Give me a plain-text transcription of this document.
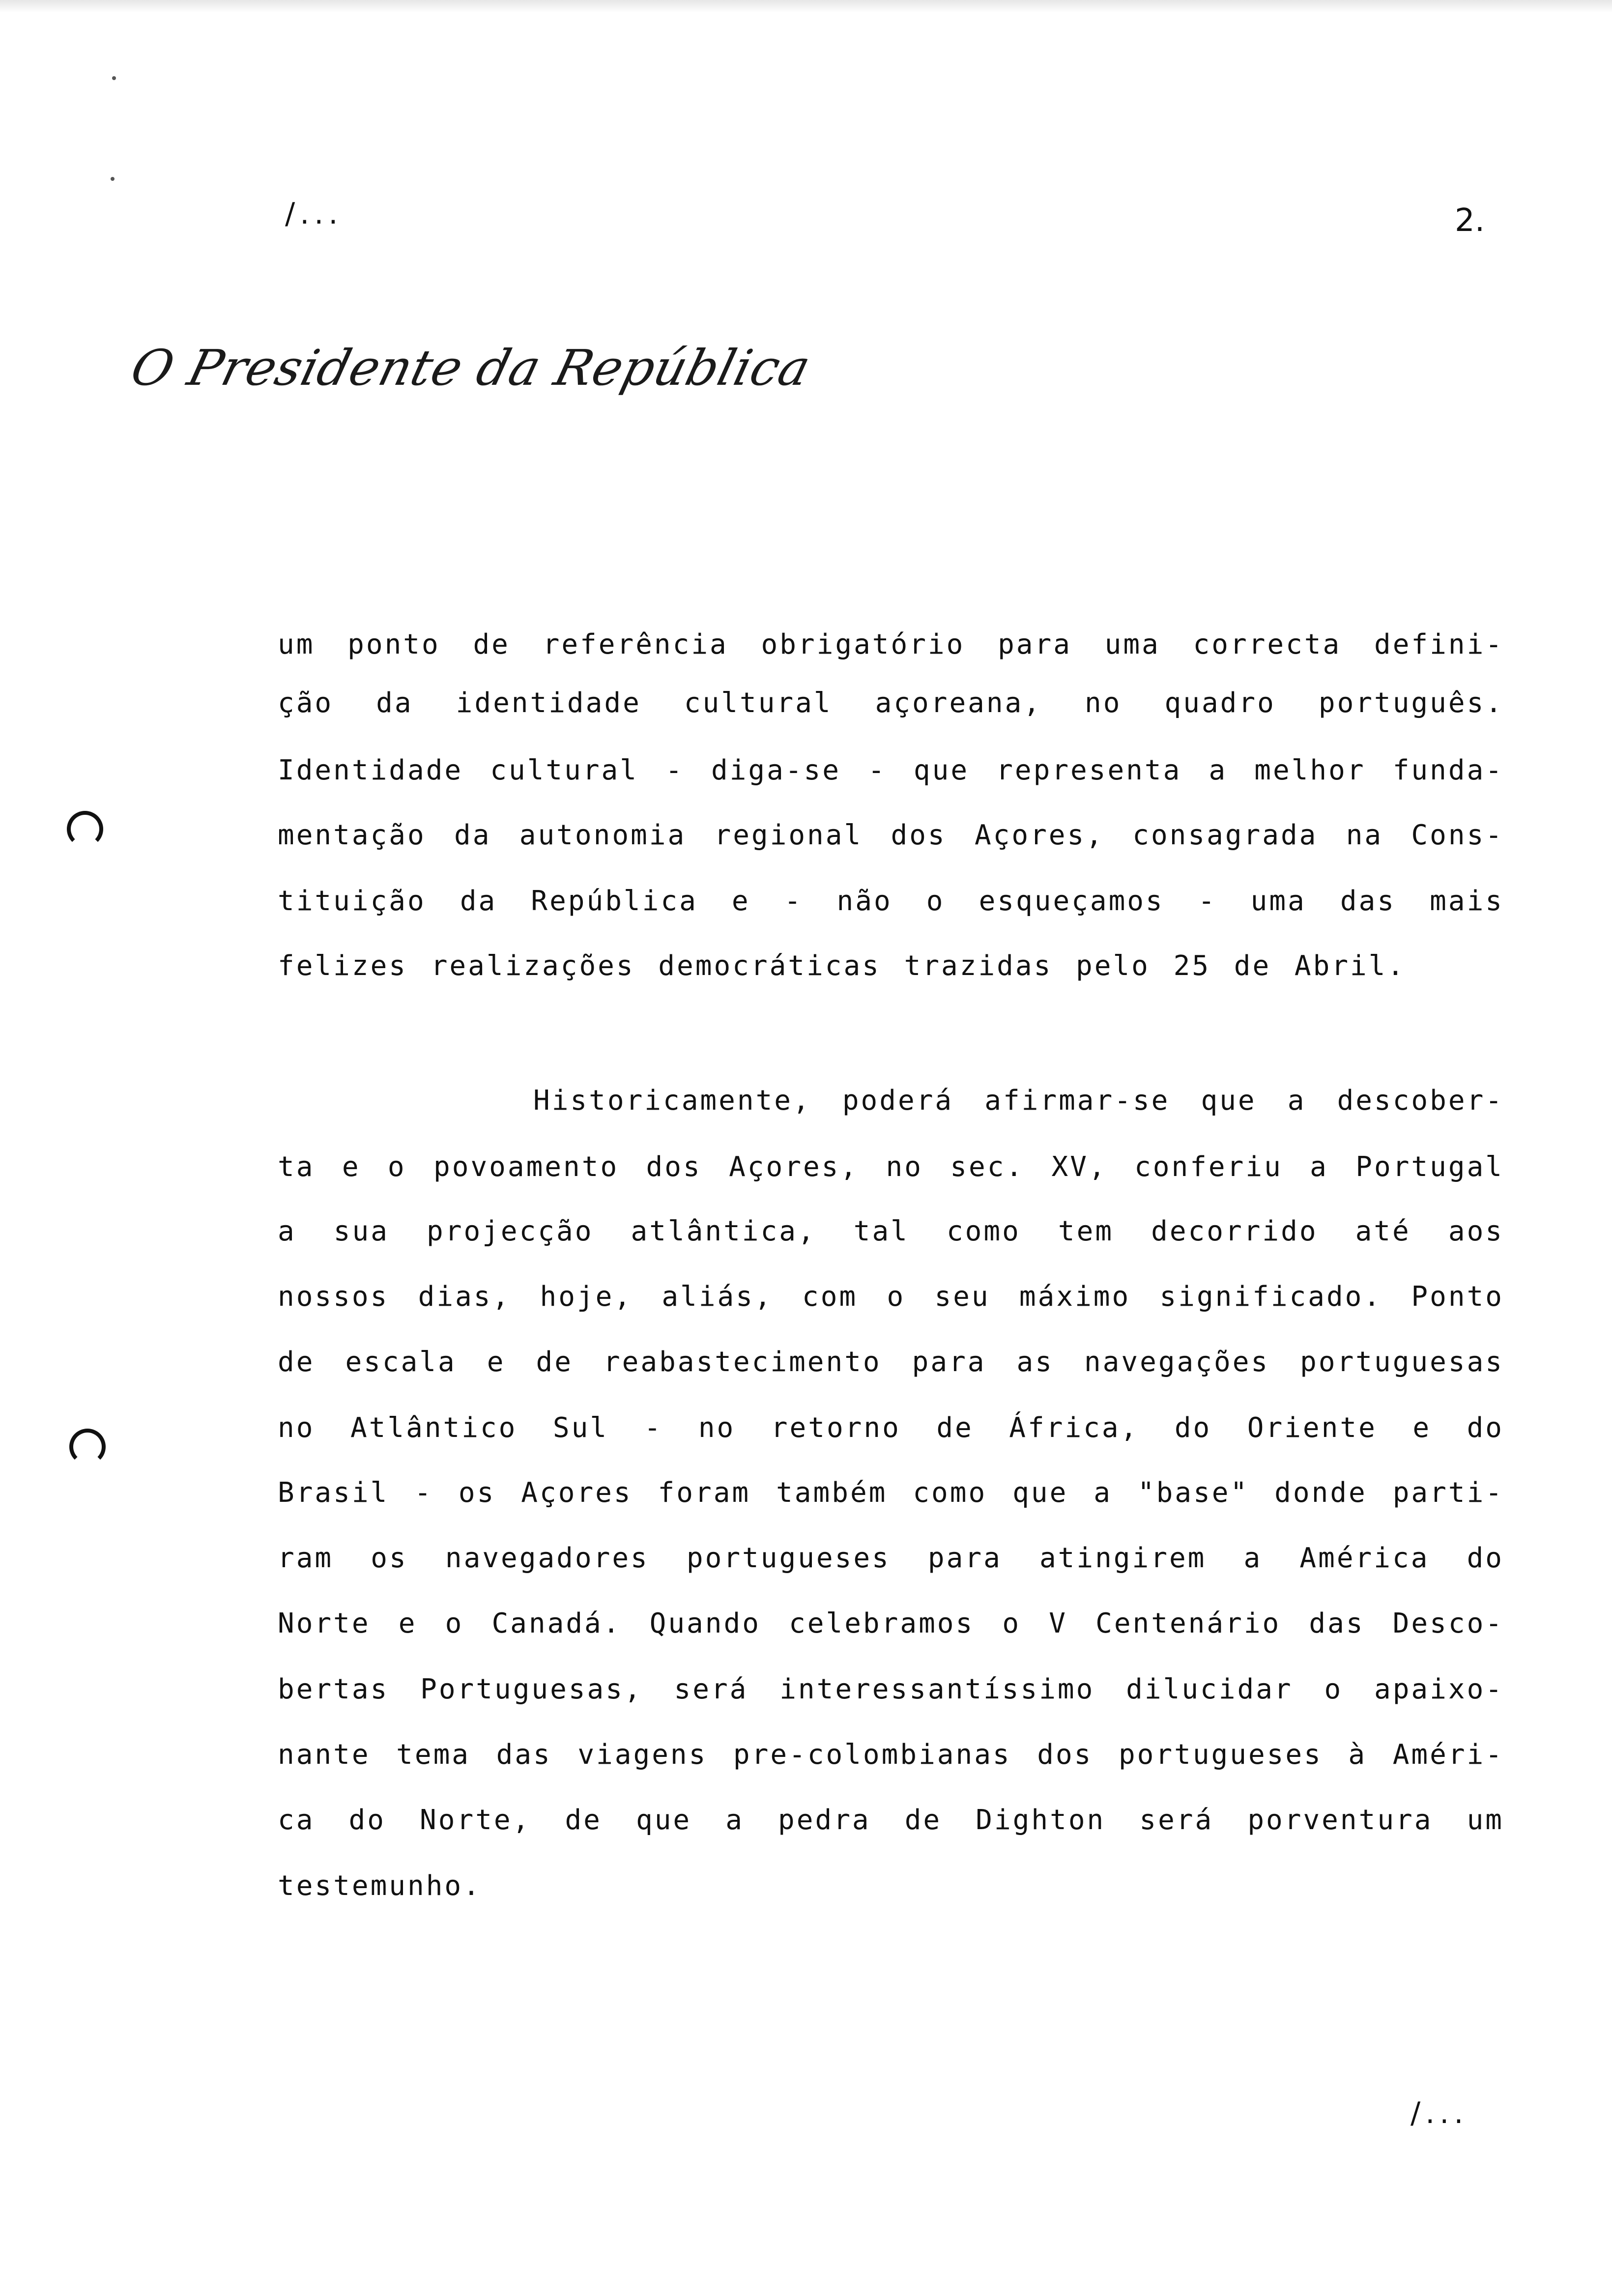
/...	2.
O Presidente da República
um ponto de referência obrigatório para uma correcta defini-
ção da identidade cultural açoreana, no quadro português.
Identidade cultural - diga-se - que representa a melhor funda-
mentação da autonomia regional dos Açores, consagrada na Cons-
tituição da República e - não o esqueçamos - uma das mais
felizes realizações democráticas trazidas pelo 25 de Abril.
Historicamente, poderá afirmar-se que a descober-
ta e o povoamento dos Açores, no sec. XV, conferiu a Portugal
a sua projecção atlântica, tal como tem decorrido até aos
nossos dias, hoje, aliás, com o seu máximo significado. Ponto
de escala e de reabastecimento para as navegações portuguesas
no Atlântico Sul - no retorno de África, do Oriente e do
Brasil - os Açores foram também como que a "base" donde parti-
ram os navegadores portugueses para atingirem a América do
Norte e o Canadá. Quando celebramos o V Centenário das Desco-
bertas Portuguesas, será interessantíssimo dilucidar o apaixo-
nante tema das viagens pre-colombianas dos portugueses à Améri-
ca do Norte, de que a pedra de Dighton será porventura um
testemunho.
/...
